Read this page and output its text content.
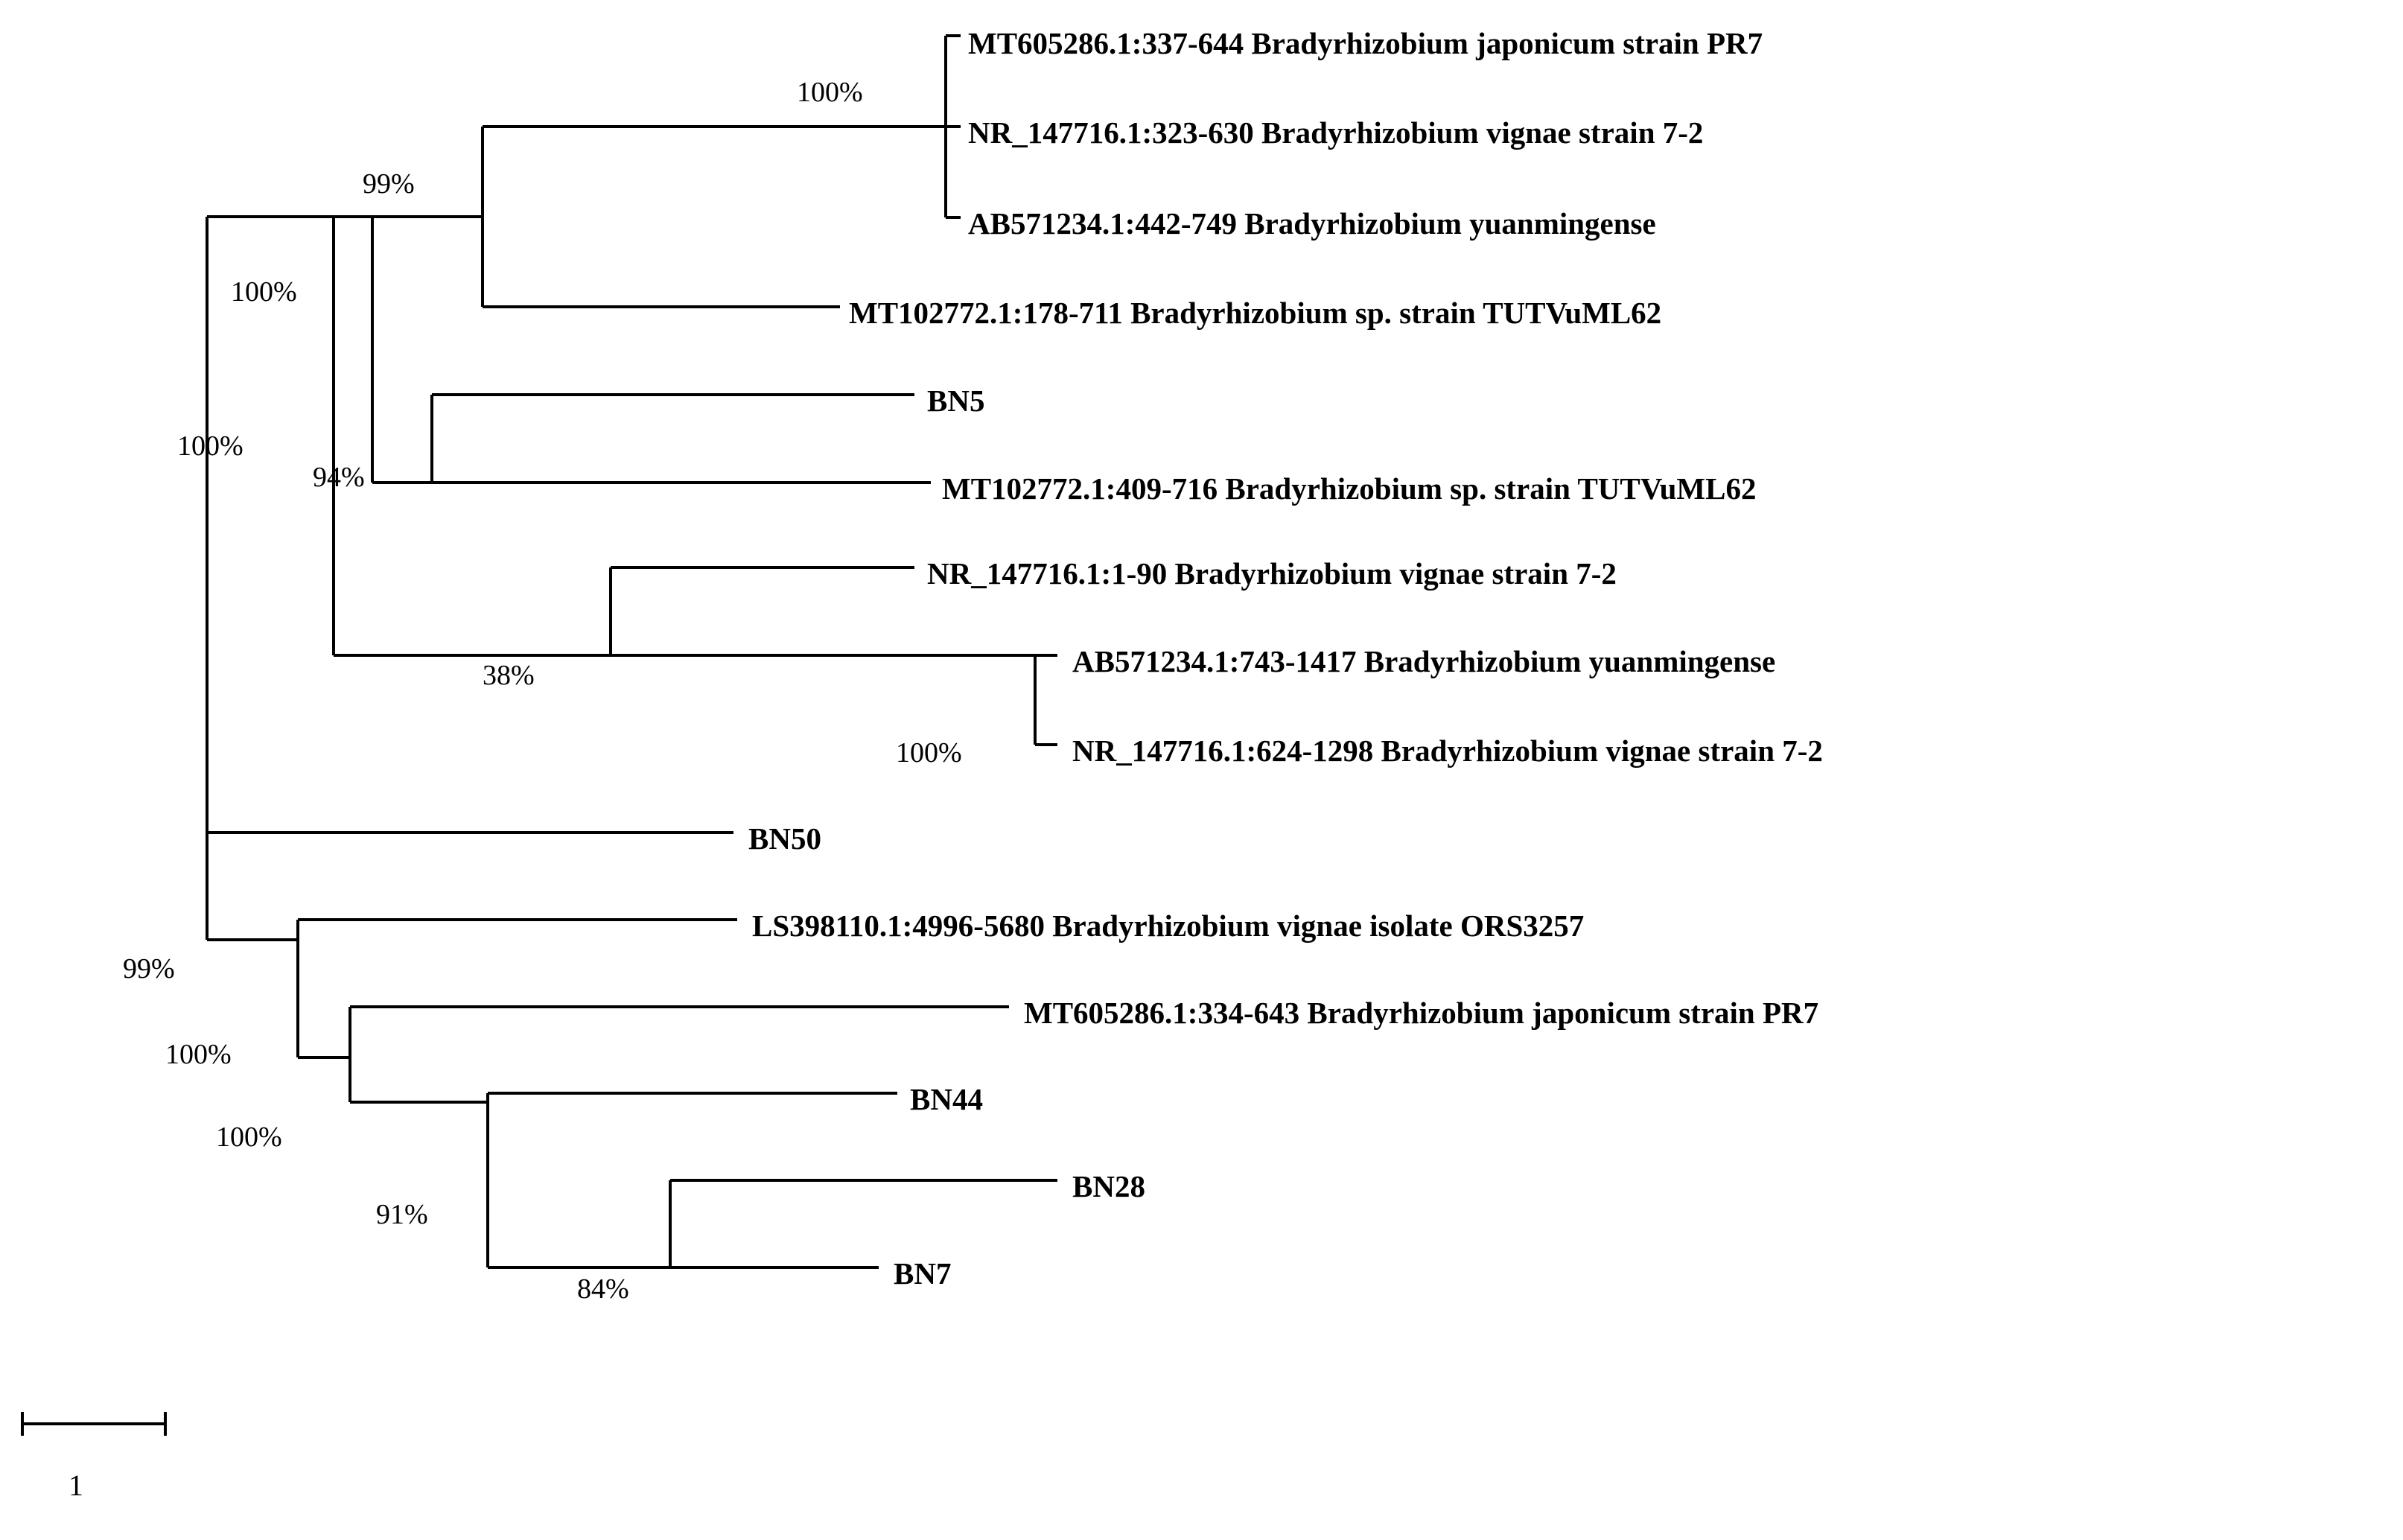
MT605286.1:337-644 Bradyrhizobium japonicum strain PR7
NR_147716.1:323-630 Bradyrhizobium vignae strain 7-2
AB571234.1:442-749 Bradyrhizobium yuanmingense
MT102772.1:178-711 Bradyrhizobium sp. strain TUTVuML62
BN5
MT102772.1:409-716 Bradyrhizobium sp. strain TUTVuML62
NR_147716.1:1-90 Bradyrhizobium vignae strain 7-2
AB571234.1:743-1417 Bradyrhizobium yuanmingense
NR_147716.1:624-1298 Bradyrhizobium vignae strain 7-2
BN50
LS398110.1:4996-5680 Bradyrhizobium vignae isolate ORS3257
MT605286.1:334-643 Bradyrhizobium japonicum strain PR7
BN44
BN28
BN7
100%
99%
100%
100%
94%
38%
100%
99%
100%
100%
91%
84%
1
